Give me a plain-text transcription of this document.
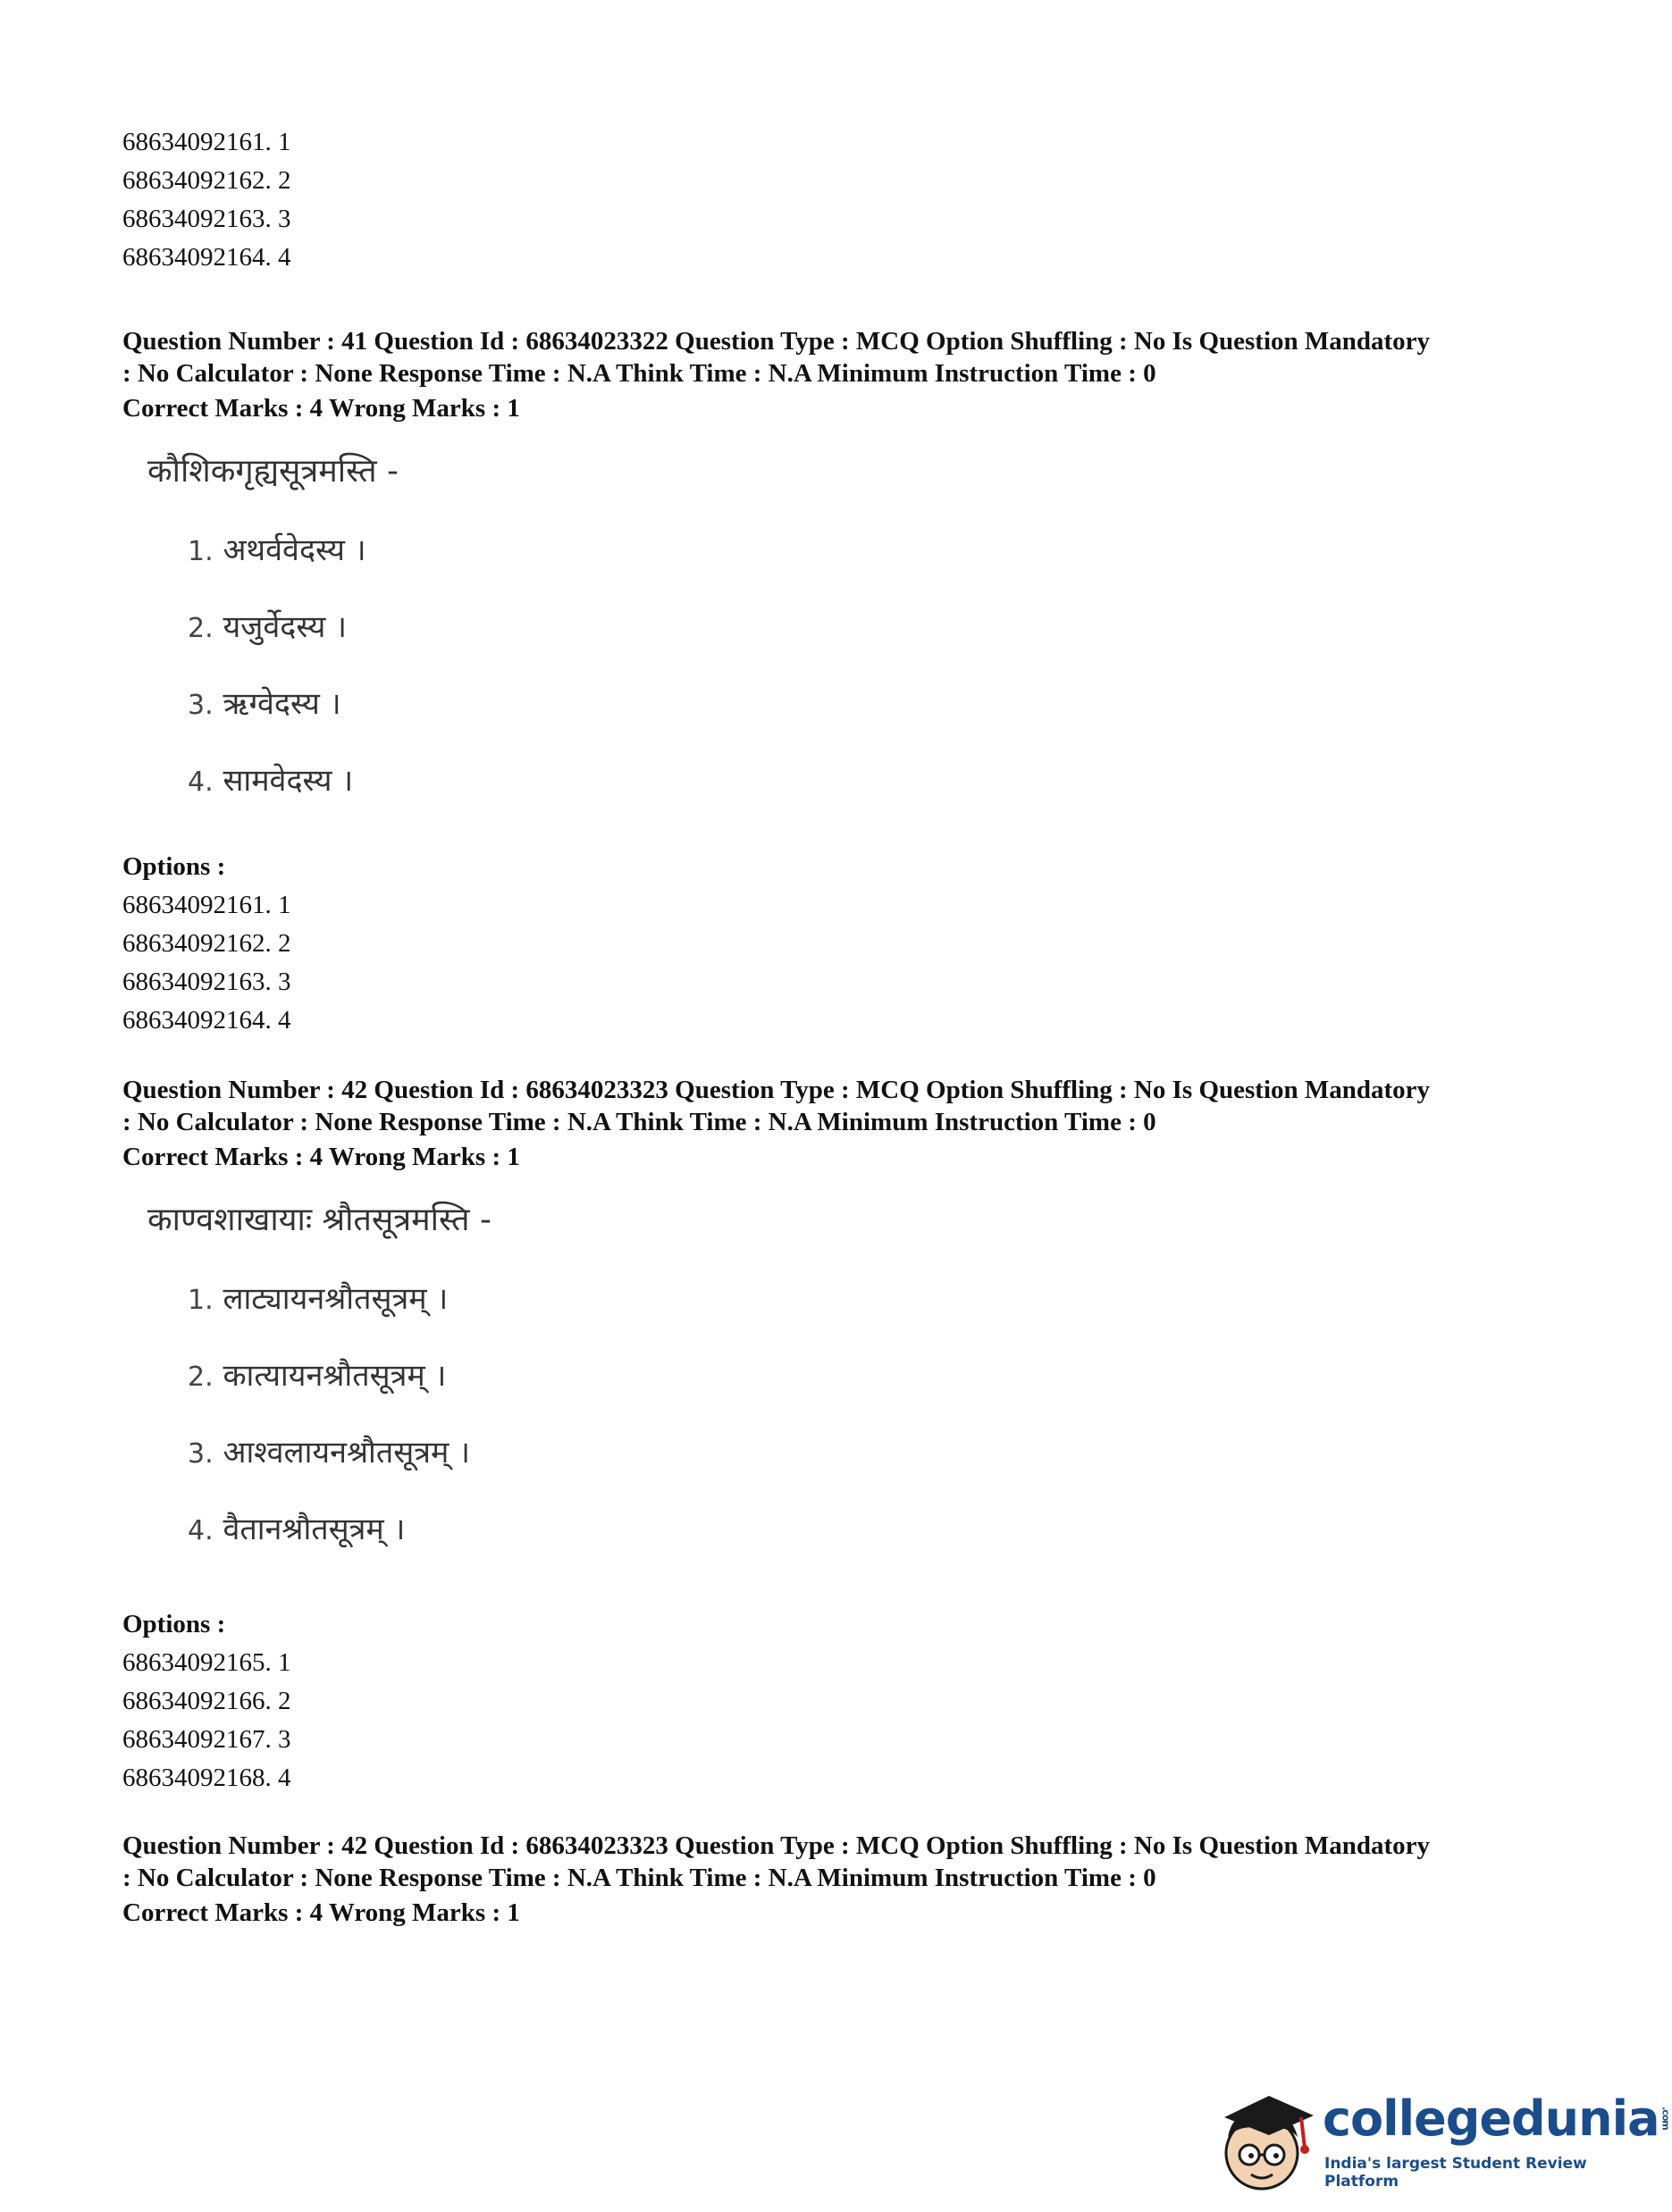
68634092161. 1
68634092162. 2
68634092163. 3
68634092164. 4
Question Number : 41 Question Id : 68634023322 Question Type : MCQ Option Shuffling : No Is Question Mandatory
: No Calculator : None Response Time : N.A Think Time : N.A Minimum Instruction Time : 0
Correct Marks : 4 Wrong Marks : 1
कौशिकगृह्यसूत्रमस्ति -
1. अथर्ववेदस्य ।
2. यजुर्वेदस्य ।
3. ऋग्वेदस्य ।
4. सामवेदस्य ।
Options :
68634092161. 1
68634092162. 2
68634092163. 3
68634092164. 4
Question Number : 42 Question Id : 68634023323 Question Type : MCQ Option Shuffling : No Is Question Mandatory
: No Calculator : None Response Time : N.A Think Time : N.A Minimum Instruction Time : 0
Correct Marks : 4 Wrong Marks : 1
काण्वशाखायाः श्रौतसूत्रमस्ति -
1. लाट्यायनश्रौतसूत्रम् ।
2. कात्यायनश्रौतसूत्रम् ।
3. आश्वलायनश्रौतसूत्रम् ।
4. वैतानश्रौतसूत्रम् ।
Options :
68634092165. 1
68634092166. 2
68634092167. 3
68634092168. 4
Question Number : 42 Question Id : 68634023323 Question Type : MCQ Option Shuffling : No Is Question Mandatory
: No Calculator : None Response Time : N.A Think Time : N.A Minimum Instruction Time : 0
Correct Marks : 4 Wrong Marks : 1
collegedunia .com
India's largest Student Review Platform
